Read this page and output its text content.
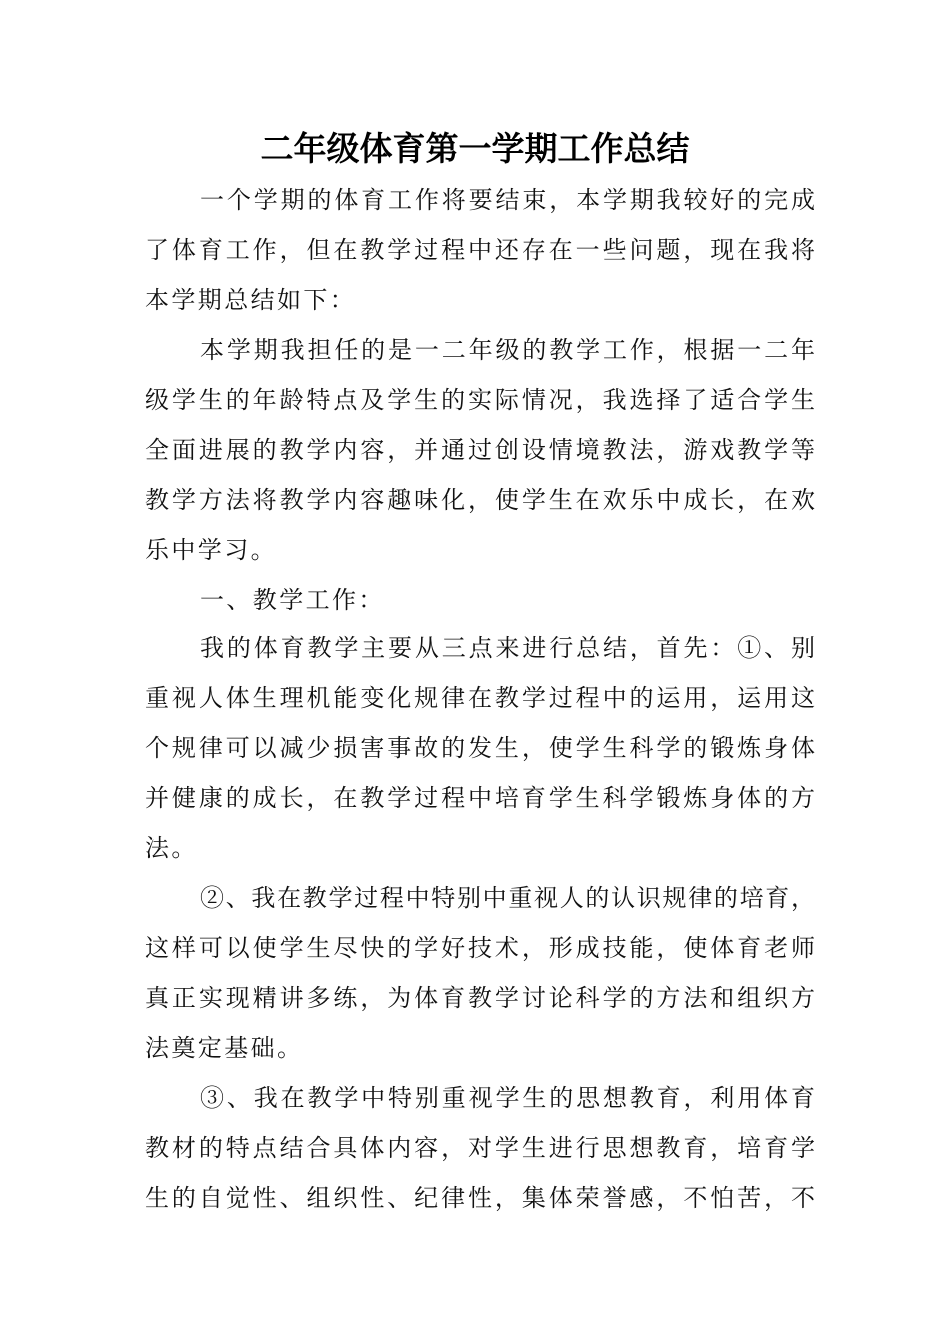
二年级体育第一学期工作总结
一个学期的体育工作将要结束，本学期我较好的完成
了体育工作，但在教学过程中还存在一些问题，现在我将
本学期总结如下：
本学期我担任的是一二年级的教学工作，根据一二年
级学生的年龄特点及学生的实际情况，我选择了适合学生
全面进展的教学内容，并通过创设情境教法，游戏教学等
教学方法将教学内容趣味化，使学生在欢乐中成长，在欢
乐中学习。
一、教学工作：
我的体育教学主要从三点来进行总结，首先：①、别
重视人体生理机能变化规律在教学过程中的运用，运用这
个规律可以减少损害事故的发生，使学生科学的锻炼身体
并健康的成长，在教学过程中培育学生科学锻炼身体的方
法。
②、我在教学过程中特别中重视人的认识规律的培育，
这样可以使学生尽快的学好技术，形成技能，使体育老师
真正实现精讲多练，为体育教学讨论科学的方法和组织方
法奠定基础。
③、我在教学中特别重视学生的思想教育，利用体育
教材的特点结合具体内容，对学生进行思想教育，培育学
生的自觉性、组织性、纪律性，集体荣誉感，不怕苦，不
